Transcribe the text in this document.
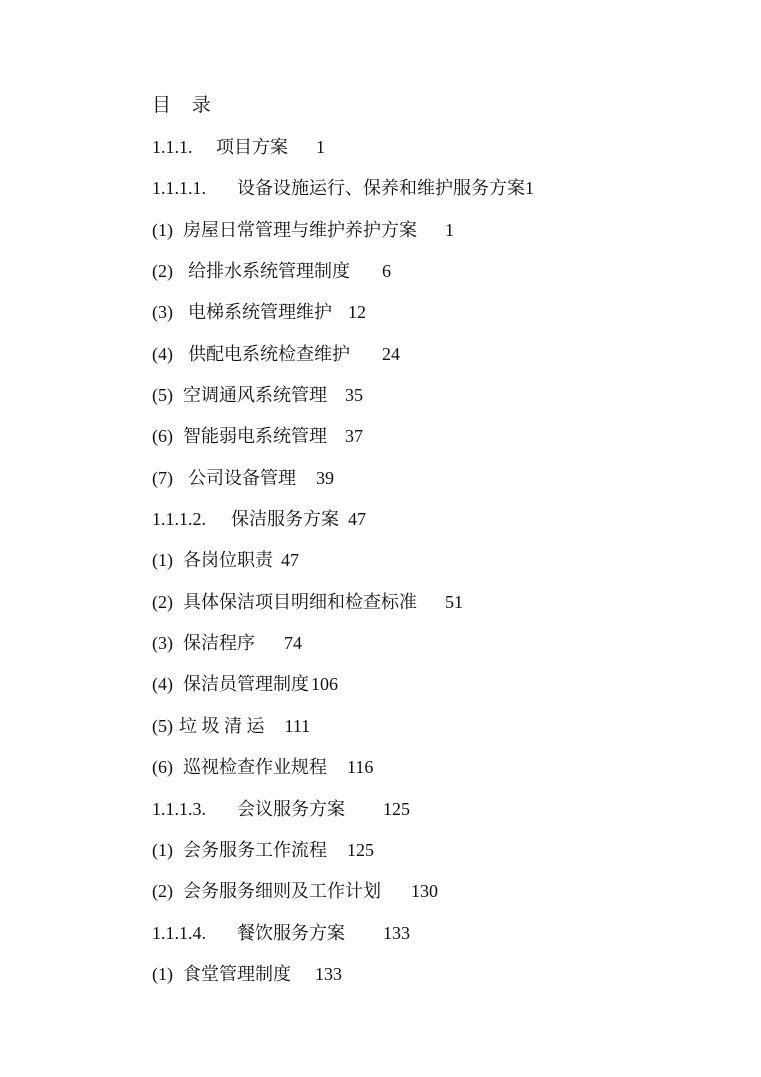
目 录
1.1.1. 项目方案 1
1.1.1.1. 设备设施运行、保养和维护服务方案1
(1) 房屋日常管理与维护养护方案 1
(2) 给排水系统管理制度 6
(3) 电梯系统管理维护 12
(4) 供配电系统检查维护 24
(5) 空调通风系统管理 35
(6) 智能弱电系统管理 37
(7) 公司设备管理 39
1.1.1.2. 保洁服务方案 47
(1) 各岗位职责 47
(2) 具体保洁项目明细和检查标准 51
(3) 保洁程序 74
(4) 保洁员管理制度 106
(5) 垃 圾 清 运 111
(6) 巡视检查作业规程 116
1.1.1.3. 会议服务方案 125
(1) 会务服务工作流程 125
(2) 会务服务细则及工作计划 130
1.1.1.4. 餐饮服务方案 133
(1) 食堂管理制度 133
